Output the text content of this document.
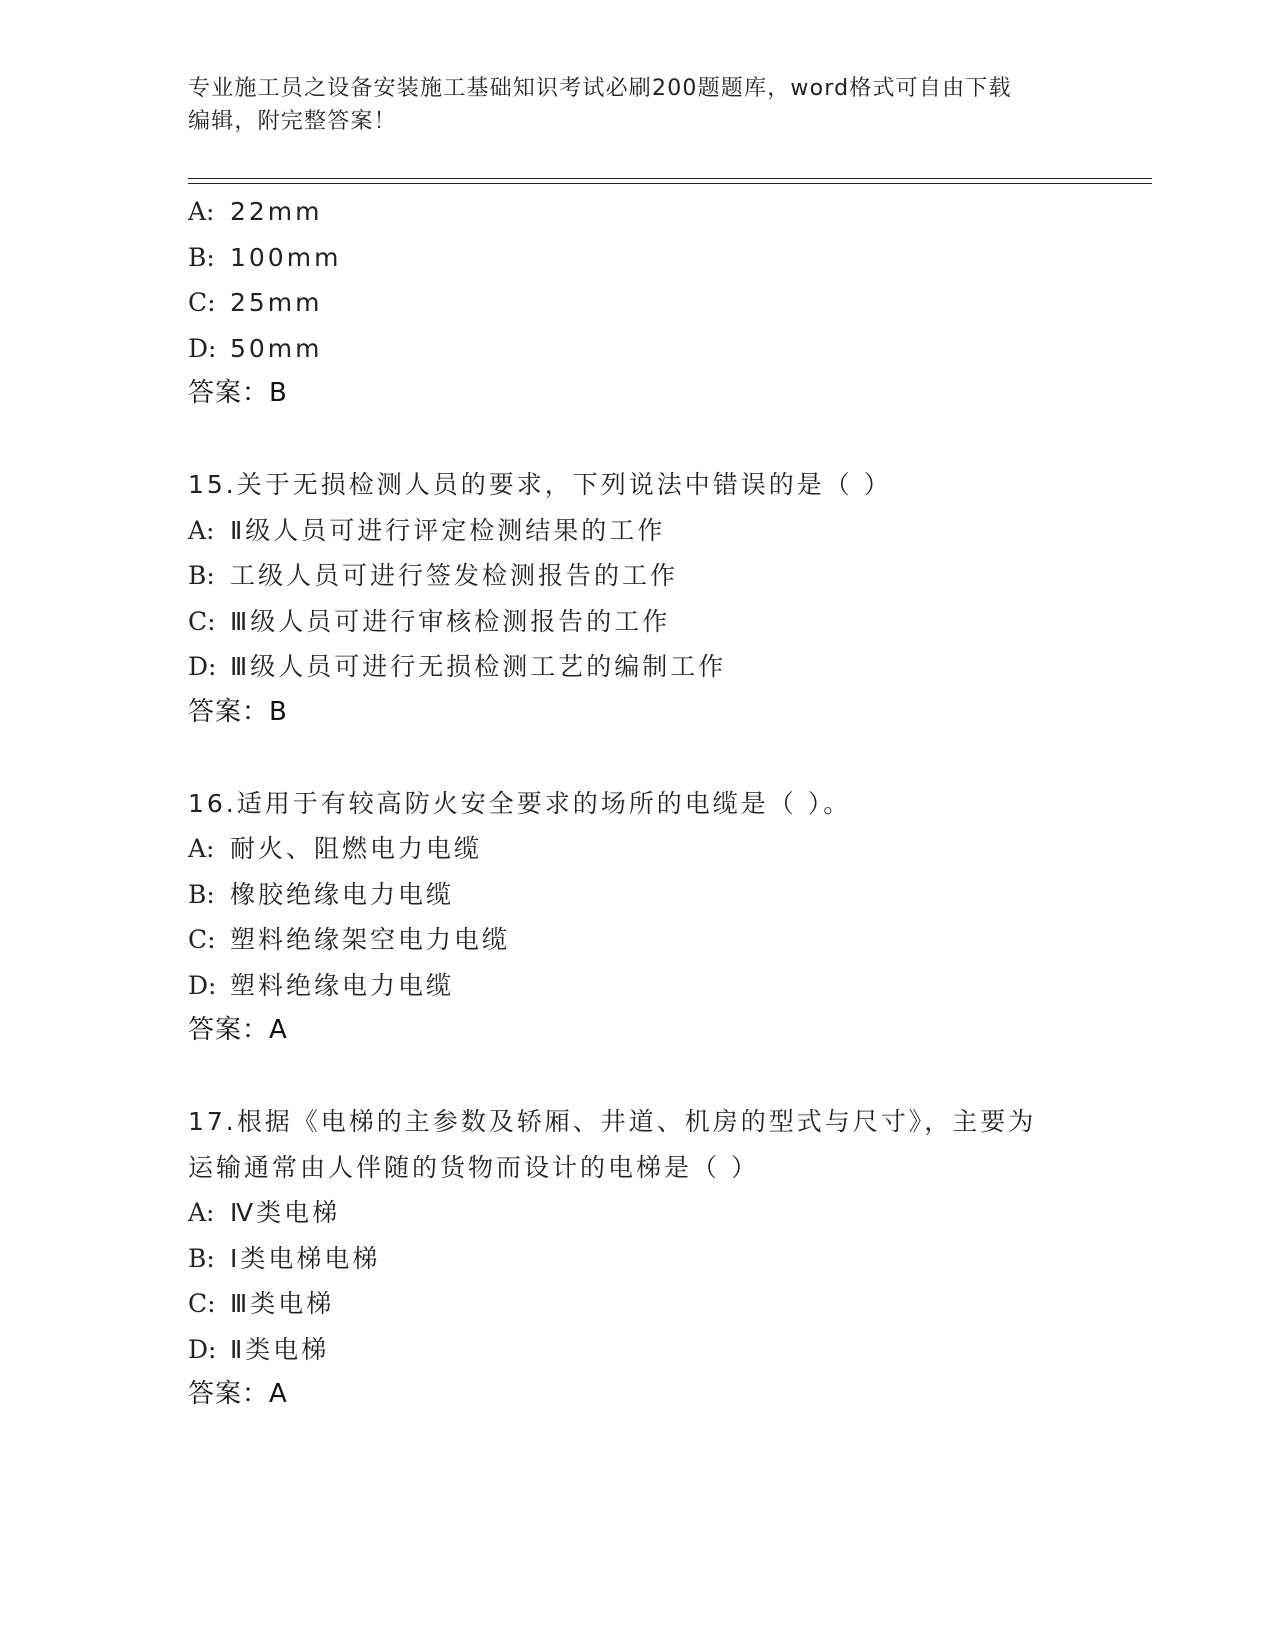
专业施工员之设备安装施工基础知识考试必刷200题题库，word格式可自由下载
编辑，附完整答案！
A: 22mm
B: 100mm
C: 25mm
D: 50mm
答案：B
15.关于无损检测人员的要求，下列说法中错误的是（ ）
A: Ⅱ级人员可进行评定检测结果的工作
B: 工级人员可进行签发检测报告的工作
C: Ⅲ级人员可进行审核检测报告的工作
D: Ⅲ级人员可进行无损检测工艺的编制工作
答案：B
16.适用于有较高防火安全要求的场所的电缆是（ ）。
A: 耐火、阻燃电力电缆
B: 橡胶绝缘电力电缆
C: 塑料绝缘架空电力电缆
D: 塑料绝缘电力电缆
答案：A
17.根据《电梯的主参数及轿厢、井道、机房的型式与尺寸》，主要为
运输通常由人伴随的货物而设计的电梯是（ ）
A: Ⅳ类电梯
B: Ⅰ类电梯电梯
C: Ⅲ类电梯
D: Ⅱ类电梯
答案：A
